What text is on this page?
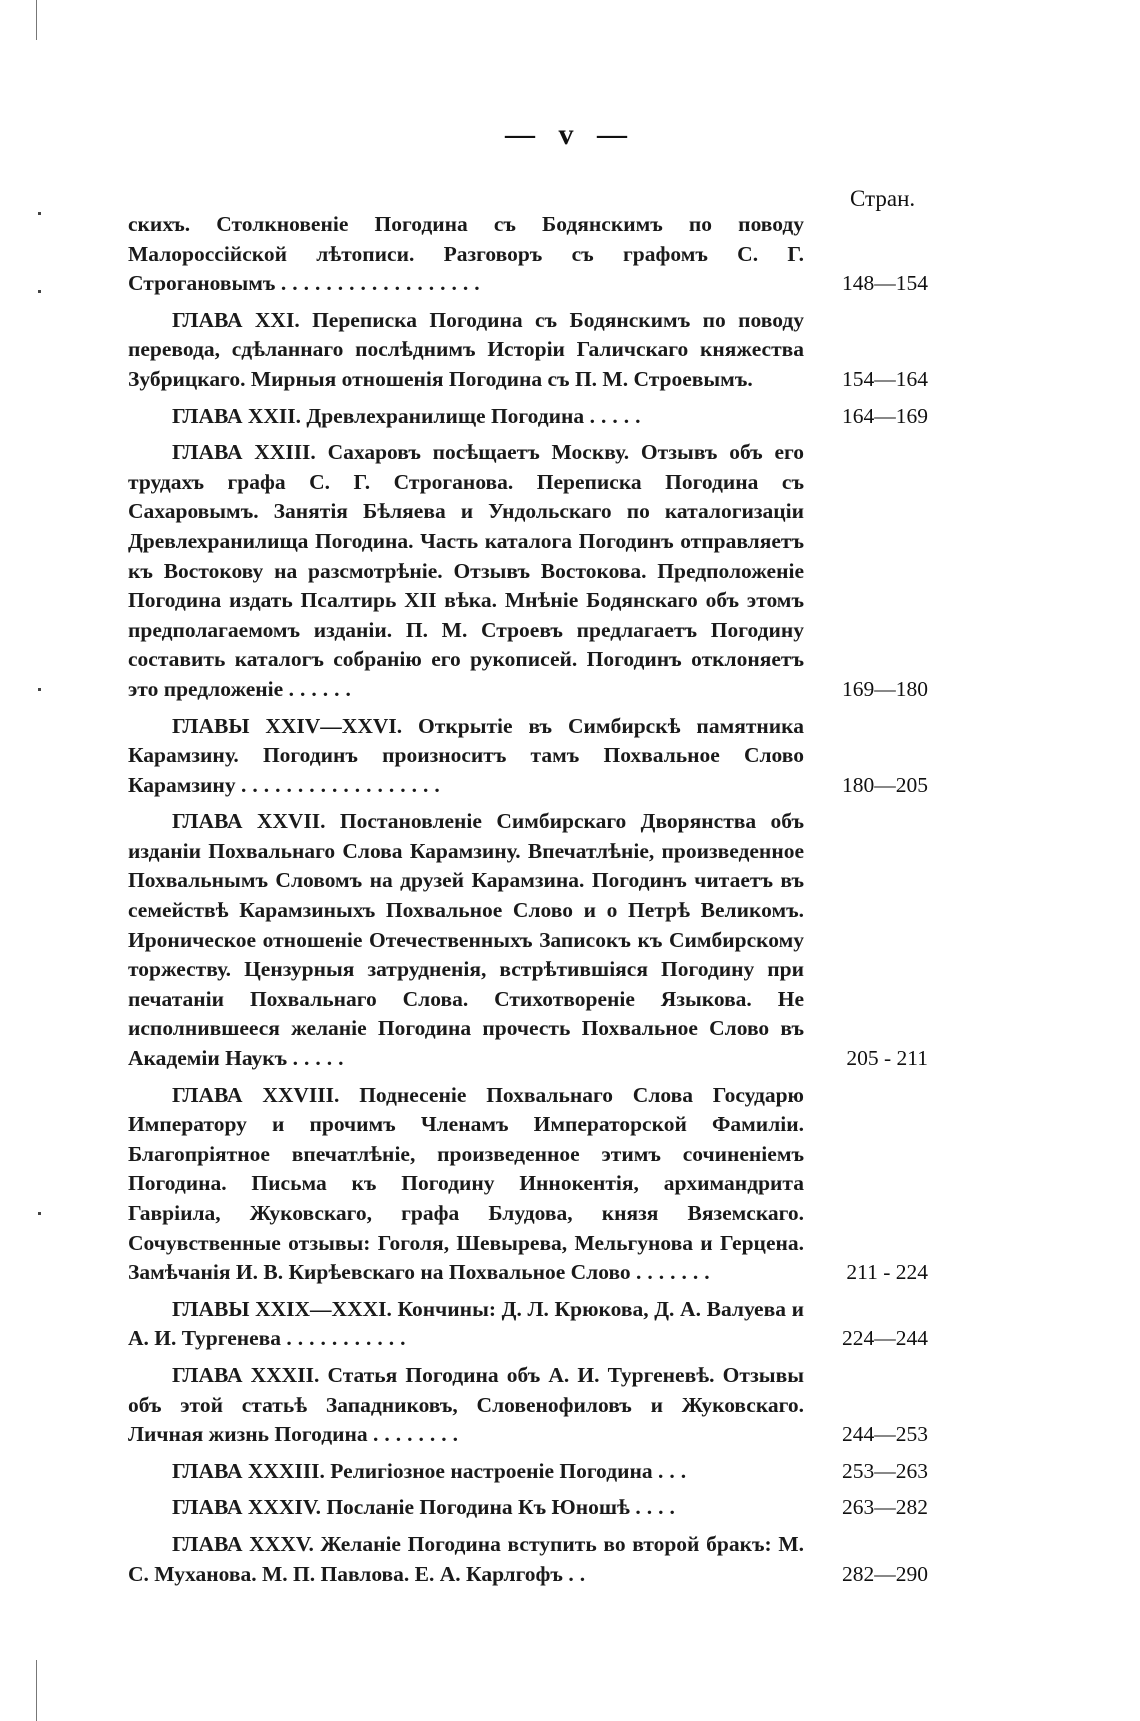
— v —
Стран.
скихъ. Столкновеніе Погодина съ Бодянскимъ по поводу Малороссійской лѣтописи. Разговоръ съ графомъ С. Г. Строгановымъ ..................	148—154
ГЛАВА XXI. Переписка Погодина съ Бодянскимъ по поводу перевода, сдѣланнаго послѣднимъ Исторіи Галичскаго княжества Зубрицкаго. Мирныя отношенія Погодина съ П. М. Строевымъ.	154—164
ГЛАВА XXII. Древлехранилище Погодина .....	164—169
ГЛАВА XXIII. Сахаровъ посѣщаетъ Москву. Отзывъ объ его трудахъ графа С. Г. Строганова. Переписка Погодина съ Сахаровымъ. Занятія Бѣляева и Ундольскаго по каталогизаціи Древлехранилища Погодина. Часть каталога Погодинъ отправляетъ къ Востокову на разсмотрѣніе. Отзывъ Востокова. Предположеніе Погодина издать Псалтирь XII вѣка. Мнѣніе Бодянскаго объ этомъ предполагаемомъ изданіи. П. М. Строевъ предлагаетъ Погодину составить каталогъ собранію его рукописей. Погодинъ отклоняетъ это предложеніе ......	169—180
ГЛАВЫ XXIV—XXVI. Открытіе въ Симбирскѣ памятника Карамзину. Погодинъ произноситъ тамъ Похвальное Слово Карамзину ..................	180—205
ГЛАВА XXVII. Постановленіе Симбирскаго Дворянства объ изданіи Похвальнаго Слова Карамзину. Впечатлѣніе, произведенное Похвальнымъ Словомъ на друзей Карамзина. Погодинъ читаетъ въ семействѣ Карамзиныхъ Похвальное Слово и о Петрѣ Великомъ. Ироническое отношеніе Отечественныхъ Записокъ къ Симбирскому торжеству. Цензурныя затрудненія, встрѣтившіяся Погодину при печатаніи Похвальнаго Слова. Стихотвореніе Языкова. Не исполнившееся желаніе Погодина прочесть Похвальное Слово въ Академіи Наукъ .....	205 - 211
ГЛАВА XXVIII. Поднесеніе Похвальнаго Слова Государю Императору и прочимъ Членамъ Императорской Фамиліи. Благопріятное впечатлѣніе, произведенное этимъ сочиненіемъ Погодина. Письма къ Погодину Иннокентія, архимандрита Гавріила, Жуковскаго, графа Блудова, князя Вяземскаго. Сочувственные отзывы: Гоголя, Шевырева, Мельгунова и Герцена. Замѣчанія И. В. Кирѣевскаго на Похвальное Слово .......	211 - 224
ГЛАВЫ XXIX—XXXI. Кончины: Д. Л. Крюкова, Д. А. Валуева и А. И. Тургенева ...........	224—244
ГЛАВА XXXII. Статья Погодина объ А. И. Тургеневѣ. Отзывы объ этой статьѣ Западниковъ, Словенофиловъ и Жуковскаго. Личная жизнь Погодина ........	244—253
ГЛАВА XXXIII. Религіозное настроеніе Погодина ...	253—263
ГЛАВА XXXIV. Посланіе Погодина Къ Юношѣ ....	263—282
ГЛАВА XXXV. Желаніе Погодина вступить во второй бракъ: М. С. Муханова. М. П. Павлова. Е. А. Карлгофъ ..	282—290
